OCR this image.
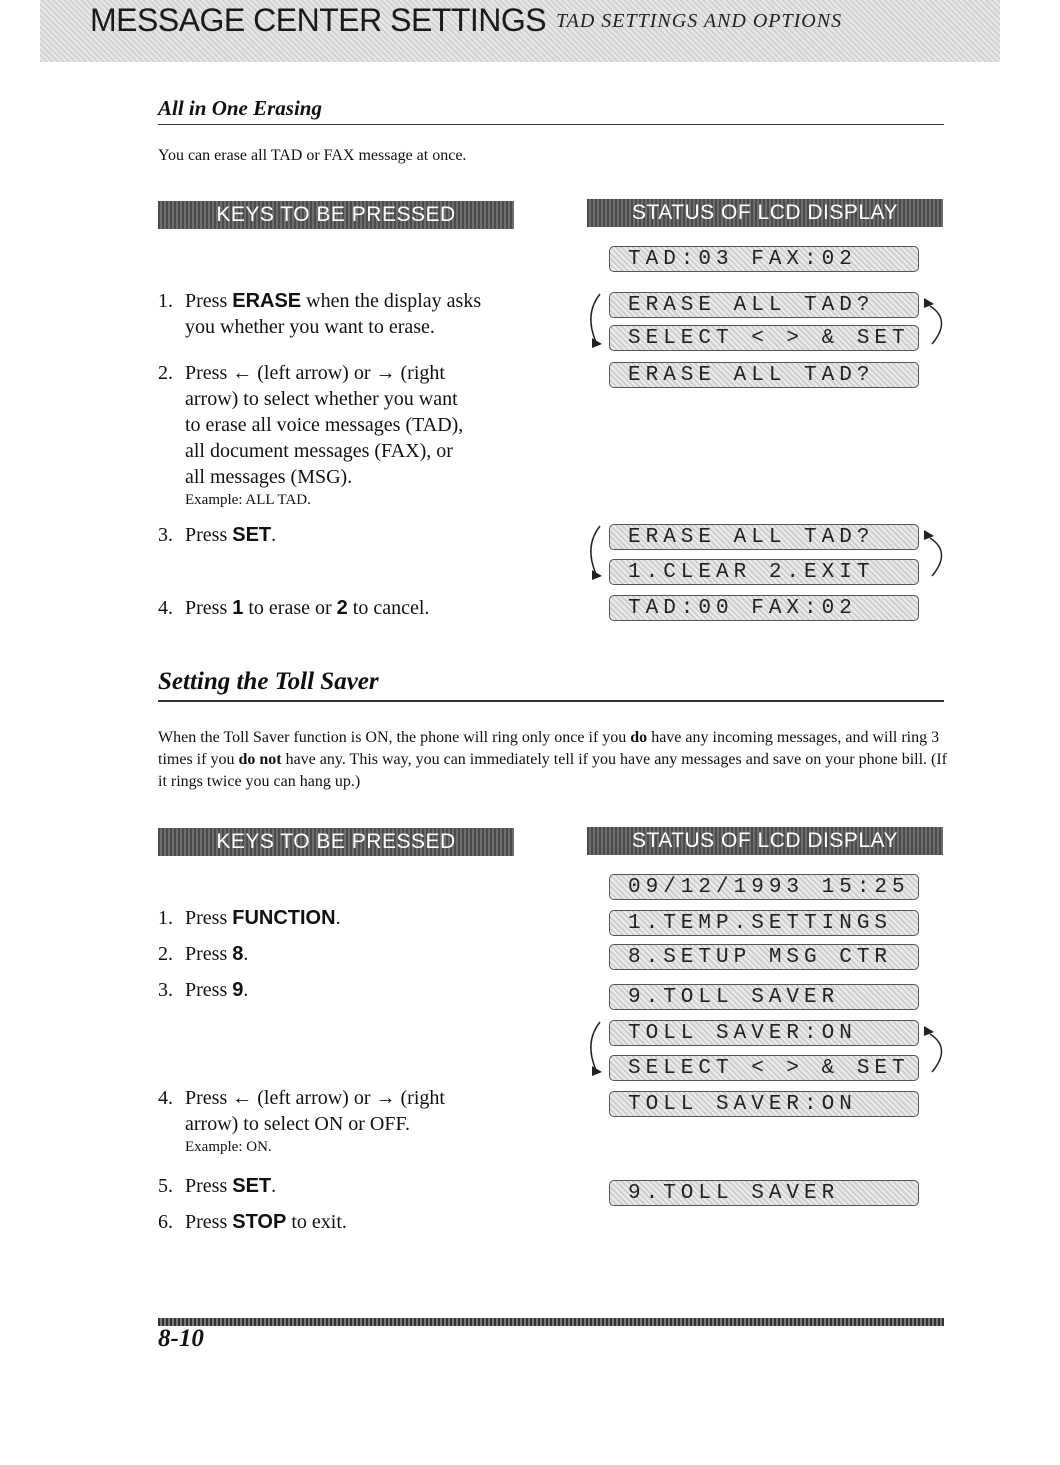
MESSAGE CENTER SETTINGS TAD SETTINGS AND OPTIONS
All in One Erasing
You can erase all TAD or FAX message at once.
KEYS TO BE PRESSED	STATUS OF LCD DISPLAY
1. Press ERASE when the display asks
you whether you want to erase.
2. Press ← (left arrow) or → (right
arrow) to select whether you want
to erase all voice messages (TAD),
all document messages (FAX), or
all messages (MSG).
Example: ALL TAD.
3. Press SET.
4. Press 1 to erase or 2 to cancel.
TAD:03 FAX:02
ERASE ALL TAD?
SELECT < > & SET
ERASE ALL TAD?
ERASE ALL TAD?
1.CLEAR 2.EXIT
TAD:00 FAX:02
Setting the Toll Saver
When the Toll Saver function is ON, the phone will ring only once if you do have any incoming messages, and will ring 3 times if you do not have any. This way, you can immediately tell if you have any messages and save on your phone bill. (If it rings twice you can hang up.)
KEYS TO BE PRESSED	STATUS OF LCD DISPLAY
1. Press FUNCTION.
2. Press 8.
3. Press 9.
4. Press ← (left arrow) or → (right
arrow) to select ON or OFF.
Example: ON.
5. Press SET.
6. Press STOP to exit.
09/12/1993 15:25
1.TEMP.SETTINGS
8.SETUP MSG CTR
9.TOLL SAVER
TOLL SAVER:ON
SELECT < > & SET
TOLL SAVER:ON
9.TOLL SAVER
8-10
